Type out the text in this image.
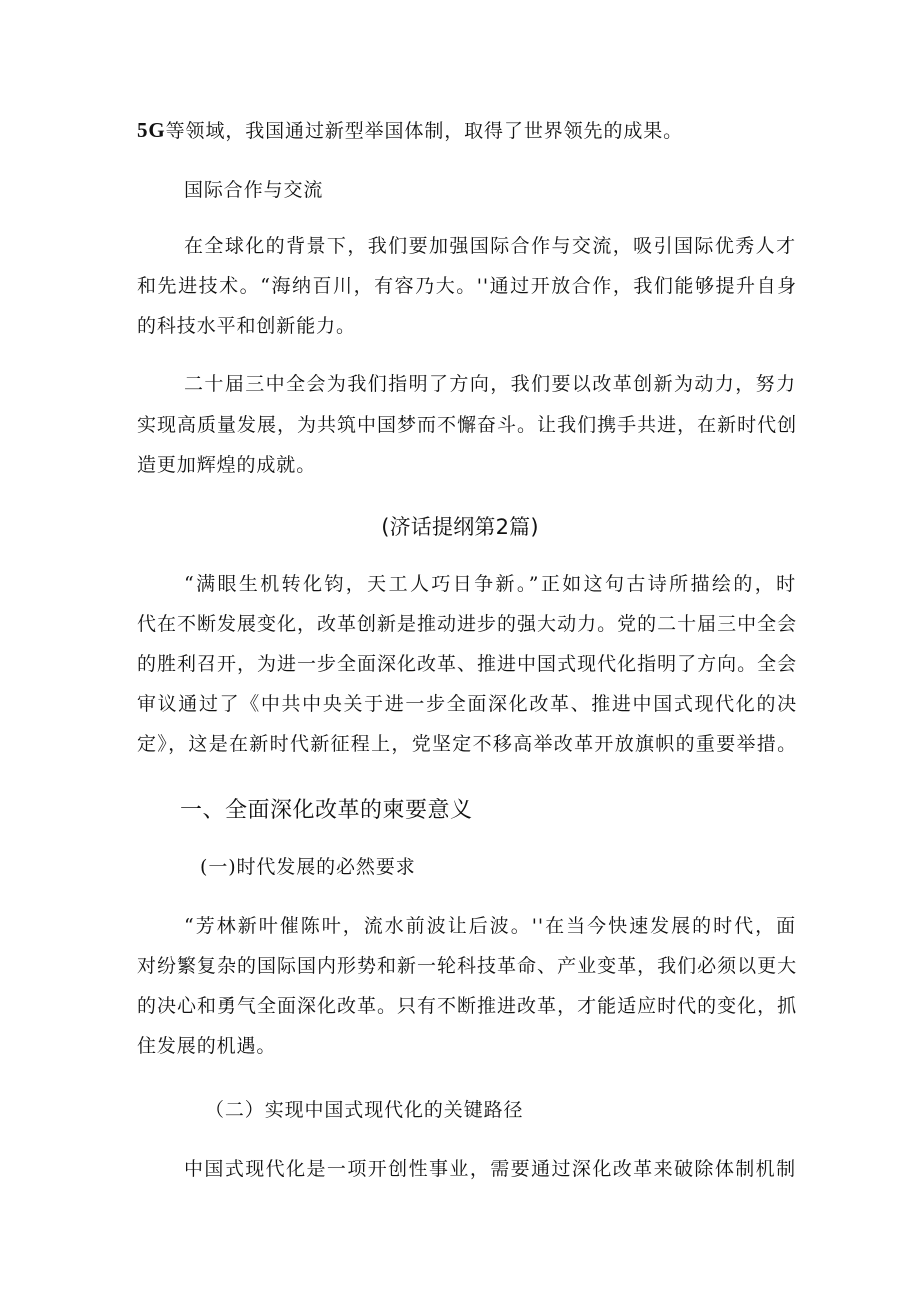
5G等领域，我国通过新型举国体制，取得了世界领先的成果。
国际合作与交流
在全球化的背景下，我们要加强国际合作与交流，吸引国际优秀人才
和先进技术。“海纳百川，有容乃大。''通过开放合作，我们能够提升自身
的科技水平和创新能力。
二十届三中全会为我们指明了方向，我们要以改革创新为动力，努力
实现高质量发展，为共筑中国梦而不懈奋斗。让我们携手共进，在新时代创
造更加辉煌的成就。
(济话提纲第2篇)
“满眼生机转化钧，天工人巧日争新。”正如这句古诗所描绘的，时
代在不断发展变化，改革创新是推动进步的强大动力。党的二十届三中全会
的胜利召开，为进一步全面深化改革、推进中国式现代化指明了方向。全会
审议通过了《中共中央关于进一步全面深化改革、推进中国式现代化的决
定》，这是在新时代新征程上，党坚定不移高举改革开放旗帜的重要举措。
一、全面深化改革的柬要意义
(一)时代发展的必然要求
“芳林新叶催陈叶，流水前波让后波。''在当今快速发展的时代，面
对纷繁复杂的国际国内形势和新一轮科技革命、产业变革，我们必须以更大
的决心和勇气全面深化改革。只有不断推进改革，才能适应时代的变化，抓
住发展的机遇。
（二）实现中国式现代化的关键路径
中国式现代化是一项开创性事业，需要通过深化改革来破除体制机制
